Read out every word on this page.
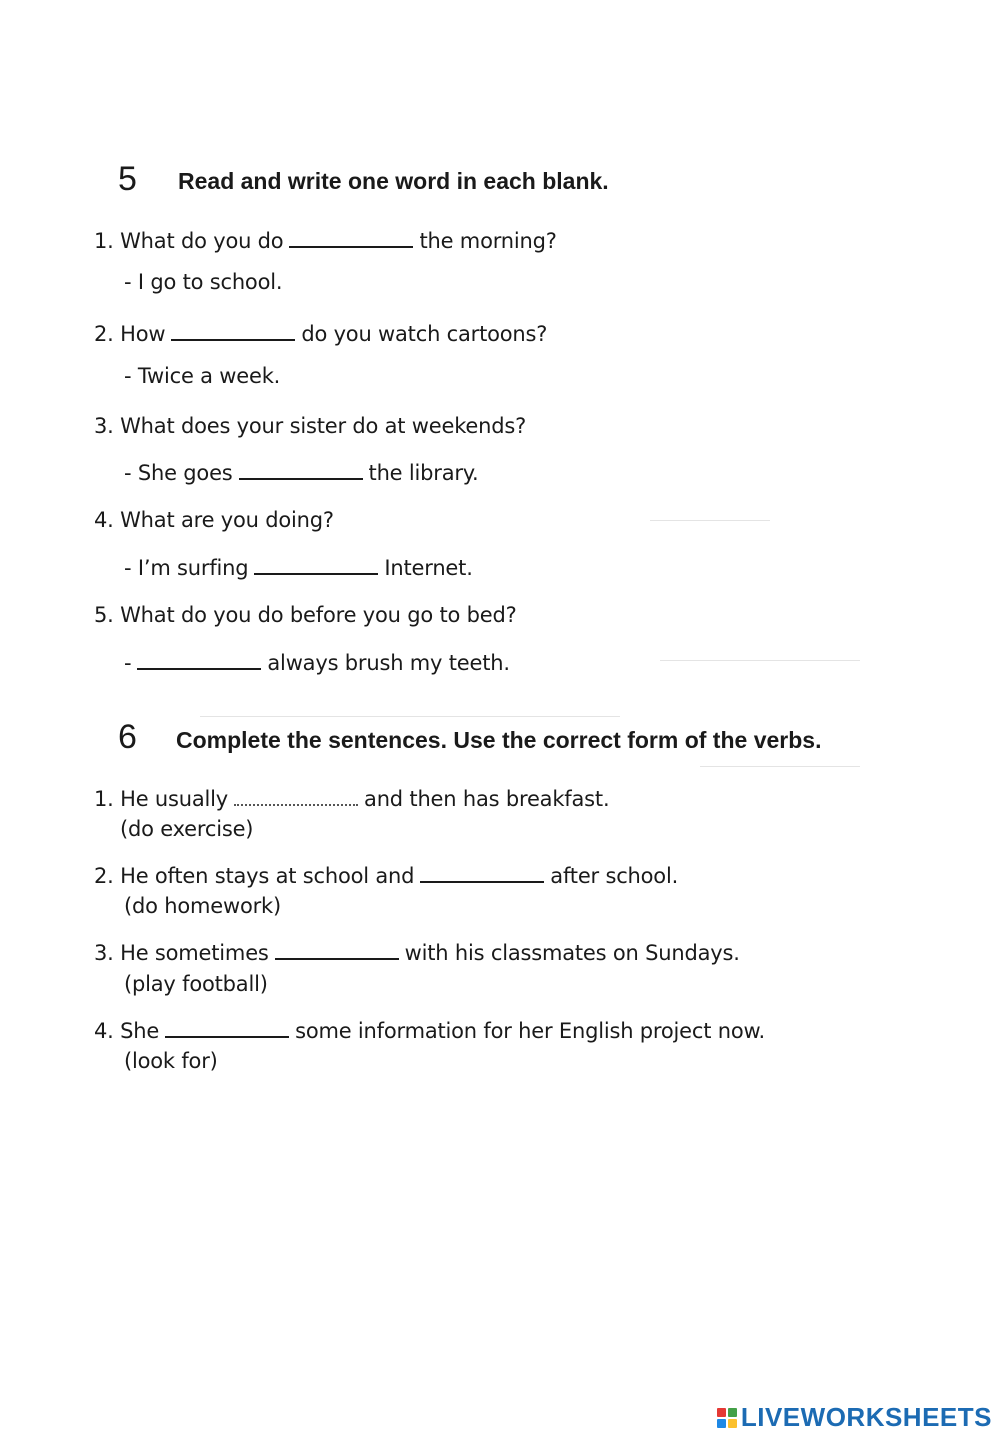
5 Read and write one word in each blank.
1. What do you do	the morning?
- I go to school.
2. How	do you watch cartoons?
- Twice a week.
3. What does your sister do at weekends?
- She goes	the library.
4. What are you doing?
- I’m surfing	Internet.
5. What do you do before you go to bed?
-	always brush my teeth.
6 Complete the sentences. Use the correct form of the verbs.
1. He usually	and then has breakfast.
(do exercise)
2. He often stays at school and	after school.
(do homework)
3. He sometimes	with his classmates on Sundays.
(play football)
4. She	some information for her English project now.
(look for)
LIVEWORKSHEETS
